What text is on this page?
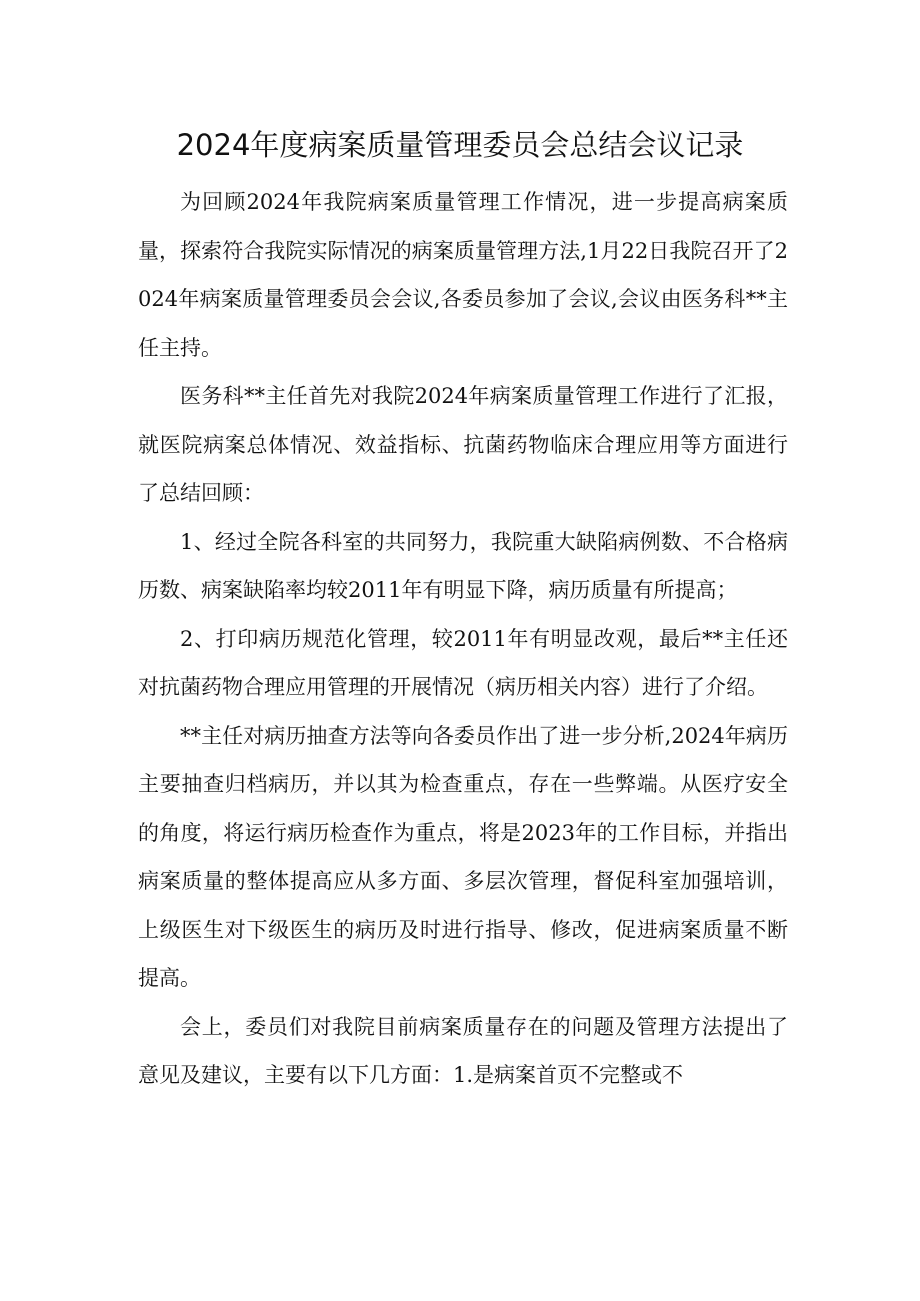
2024年度病案质量管理委员会总结会议记录

为回顾2024年我院病案质量管理工作情况，进一步提高病案质量，探索符合我院实际情况的病案质量管理方法,1月22日我院召开了2024年病案质量管理委员会会议,各委员参加了会议,会议由医务科**主任主持。

医务科**主任首先对我院2024年病案质量管理工作进行了汇报，就医院病案总体情况、效益指标、抗菌药物临床合理应用等方面进行了总结回顾：

1、经过全院各科室的共同努力，我院重大缺陷病例数、不合格病历数、病案缺陷率均较2011年有明显下降，病历质量有所提高；

2、打印病历规范化管理，较2011年有明显改观，最后**主任还对抗菌药物合理应用管理的开展情况（病历相关内容）进行了介绍。

**主任对病历抽查方法等向各委员作出了进一步分析,2024年病历主要抽查归档病历，并以其为检查重点，存在一些弊端。从医疗安全的角度，将运行病历检查作为重点，将是2023年的工作目标，并指出病案质量的整体提高应从多方面、多层次管理，督促科室加强培训，上级医生对下级医生的病历及时进行指导、修改，促进病案质量不断提高。

会上，委员们对我院目前病案质量存在的问题及管理方法提出了意见及建议，主要有以下几方面：1.是病案首页不完整或不
